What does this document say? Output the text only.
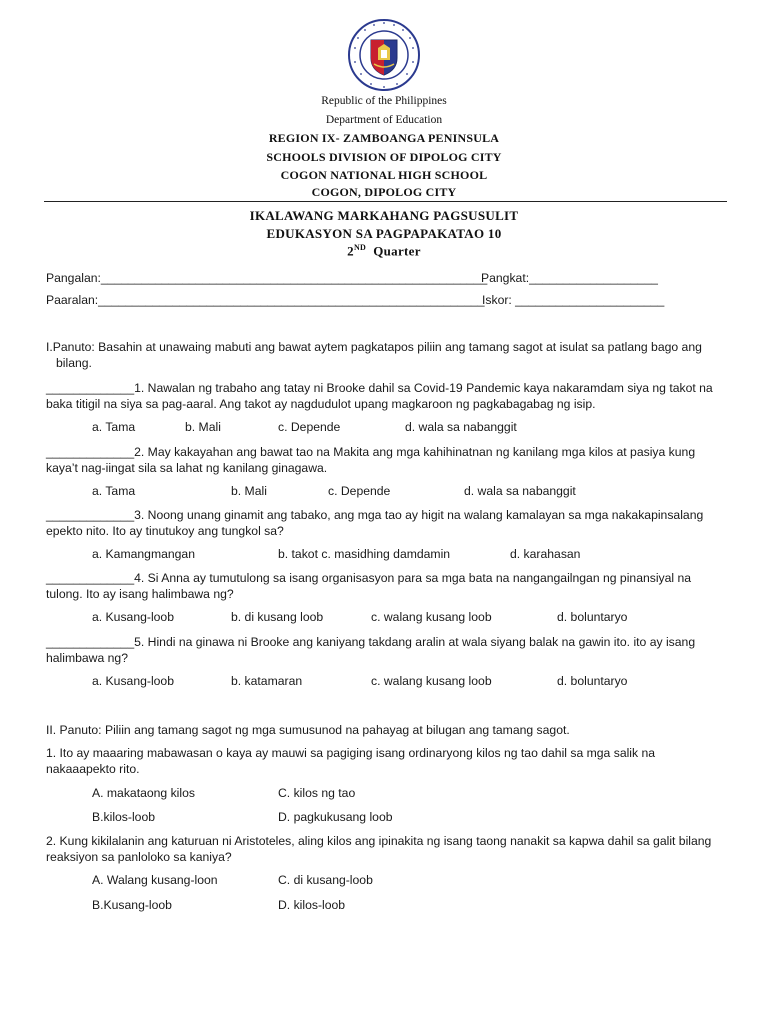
Republic of the Philippines
Department of Education
REGION IX- ZAMBOANGA PENINSULA
SCHOOLS DIVISION OF DIPOLOG CITY
COGON NATIONAL HIGH SCHOOL
COGON, DIPOLOG CITY
IKALAWANG MARKAHANG PAGSUSULIT
EDUKASYON SA PAGPAPAKATAO 10
2ND Quarter
Pangalan:_________________________________________________________
Pangkat:___________________
Paaralan:_________________________________________________________
Iskor: ______________________
I.Panuto: Basahin at unawaing mabuti ang bawat aytem pagkatapos piliin ang tamang sagot at isulat sa patlang bago ang bilang.
_____________1. Nawalan ng trabaho ang tatay ni Brooke dahil sa Covid-19 Pandemic kaya nakaramdam siya ng takot na baka titigil na siya sa pag-aaral. Ang takot ay nagdudulot upang magkaroon ng pagkabagabag ng isip.
a. Tama	b. Mali	c. Depende	d. wala sa nabanggit
_____________2. May kakayahan ang bawat tao na Makita ang mga kahihinatnan ng kanilang mga kilos at pasiya kung kaya’t nag-iingat sila sa lahat ng kanilang ginagawa.
a. Tama	b. Mali	c. Depende	d. wala sa nabanggit
_____________3. Noong unang ginamit ang tabako, ang mga tao ay higit na walang kamalayan sa mga nakakapinsalang epekto nito. Ito ay tinutukoy ang tungkol sa?
a. Kamangmangan	b. takot c. masidhing damdamin	d. karahasan
_____________4. Si Anna ay tumutulong sa isang organisasyon para sa mga bata na nangangailngan ng pinansiyal na tulong. Ito ay isang halimbawa ng?
a. Kusang-loob	b. di kusang loob	c. walang kusang loob	d. boluntaryo
_____________5. Hindi na ginawa ni Brooke ang kaniyang takdang aralin at wala siyang balak na gawin ito. ito ay isang halimbawa ng?
a. Kusang-loob	b. katamaran	c. walang kusang loob	d. boluntaryo
II. Panuto: Piliin ang tamang sagot ng mga sumusunod na pahayag at bilugan ang tamang sagot.
1. Ito ay maaaring mabawasan o kaya ay mauwi sa pagiging isang ordinaryong kilos ng tao dahil sa mga salik na nakaaapekto rito.
A. makataong kilos	C. kilos ng tao
B.kilos-loob	D. pagkukusang loob
2. Kung kikilalanin ang katuruan ni Aristoteles, aling kilos ang ipinakita ng isang taong nanakit sa kapwa dahil sa galit bilang reaksiyon sa panloloko sa kaniya?
A. Walang kusang-loon	C. di kusang-loob
B.Kusang-loob	D. kilos-loob
